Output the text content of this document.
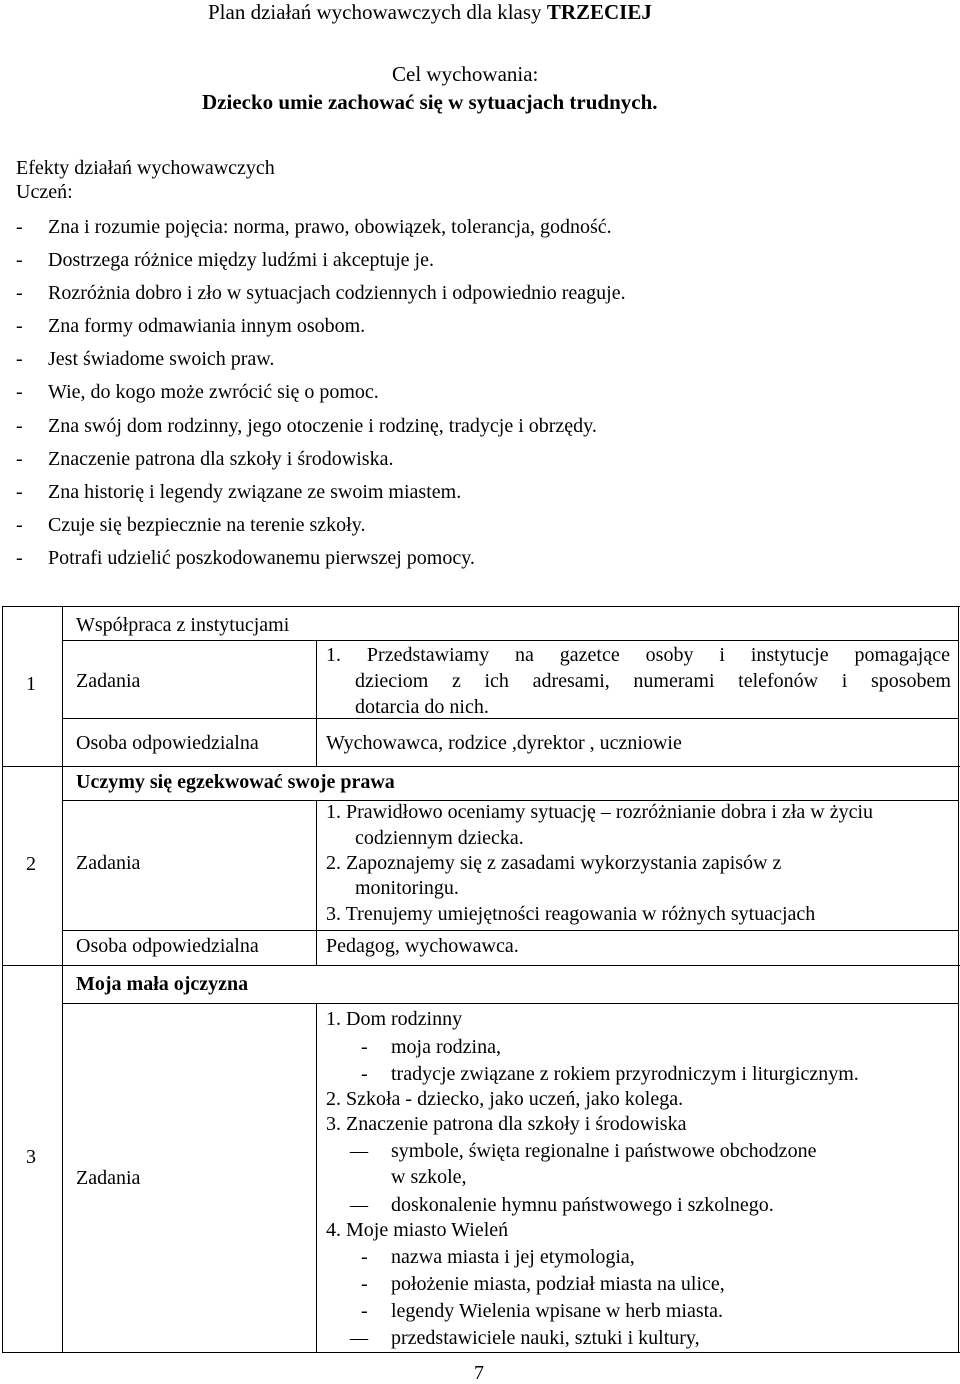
Plan działań wychowawczych dla klasy TRZECIEJ
Cel wychowania:
Dziecko umie zachować się w sytuacjach trudnych.
Efekty działań wychowawczych
Uczeń:
- Zna i rozumie pojęcia: norma, prawo, obowiązek, tolerancja, godność.
- Dostrzega różnice między ludźmi i akceptuje je.
- Rozróżnia dobro i zło w sytuacjach codziennych i odpowiednio reaguje.
- Zna formy odmawiania innym osobom.
- Jest świadome swoich praw.
- Wie, do kogo może zwrócić się o pomoc.
- Zna swój dom rodzinny, jego otoczenie i rodzinę, tradycje i obrzędy.
- Znaczenie patrona dla szkoły i środowiska.
- Zna historię i legendy związane ze swoim miastem.
- Czuje się bezpiecznie na terenie szkoły.
- Potrafi udzielić poszkodowanemu pierwszej pomocy.
1
Współpraca z instytucjami
Zadania
1. Przedstawiamy na gazetce osoby i instytucje pomagające
dzieciom z ich adresami, numerami telefonów i sposobem
dotarcia do nich.
Osoba odpowiedzialna	Wychowawca, rodzice ,dyrektor , uczniowie
2
Uczymy się egzekwować swoje prawa
Zadania
1. Prawidłowo oceniamy sytuację – rozróżnianie dobra i zła w życiu
codziennym dziecka.
2. Zapoznajemy się z zasadami wykorzystania zapisów z
monitoringu.
3. Trenujemy umiejętności reagowania w różnych sytuacjach
Osoba odpowiedzialna	Pedagog, wychowawca.
3
Moja mała ojczyzna
Zadania
1. Dom rodzinny
- moja rodzina,
- tradycje związane z rokiem przyrodniczym i liturgicznym.
2. Szkoła - dziecko, jako uczeń, jako kolega.
3. Znaczenie patrona dla szkoły i środowiska
– symbole, święta regionalne i państwowe obchodzone
w szkole,
– doskonalenie hymnu państwowego i szkolnego.
4. Moje miasto Wieleń
- nazwa miasta i jej etymologia,
- położenie miasta, podział miasta na ulice,
- legendy Wielenia wpisane w herb miasta.
– przedstawiciele nauki, sztuki i kultury,
7
